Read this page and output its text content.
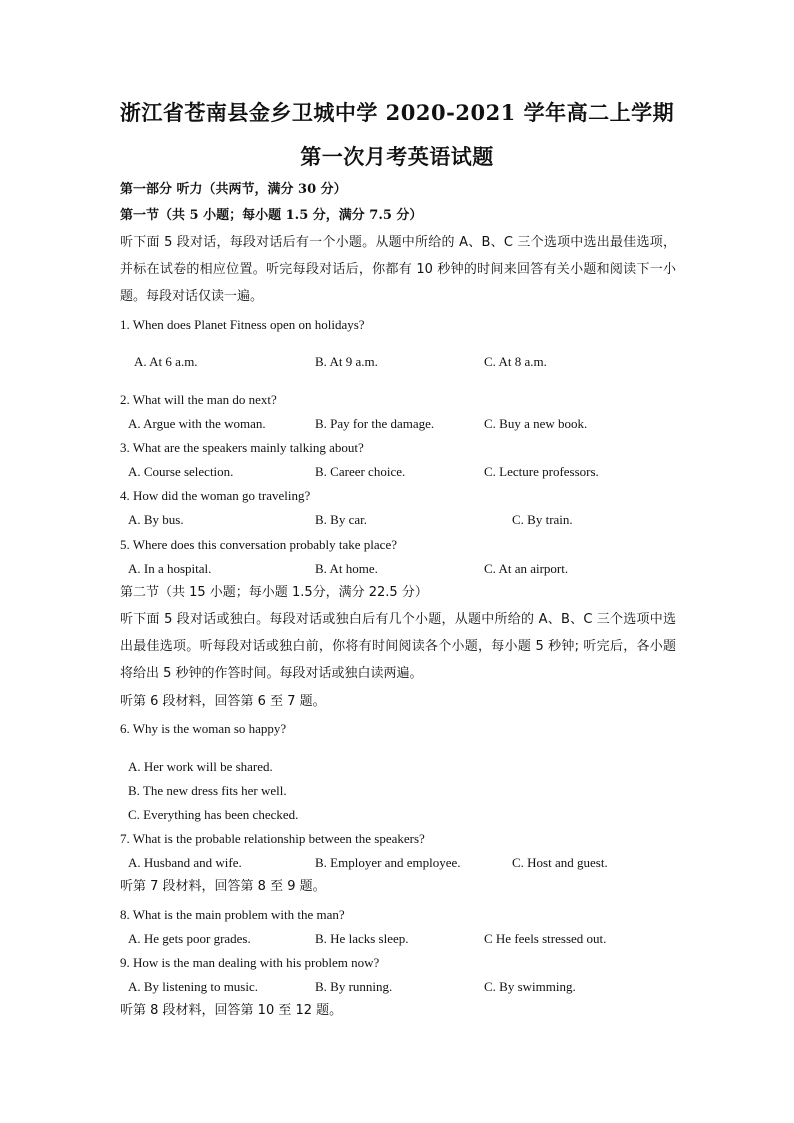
浙江省苍南县金乡卫城中学 2020-2021 学年高二上学期
第一次月考英语试题
第一部分 听力（共两节，满分 30 分）
第一节（共 5 小题；每小题 1.5 分，满分 7.5 分）
听下面 5 段对话，每段对话后有一个小题。从题中所给的 A、B、C 三个选项中选出最佳选项，并标在试卷的相应位置。听完每段对话后，你都有 10 秒钟的时间来回答有关小题和阅读下一小题。每段对话仅读一遍。
1. When does Planet Fitness open on holidays?
A. At 6 a.m.	B. At 9 a.m.	C. At 8 a.m.
2. What will the man do next?
A. Argue with the woman.	B. Pay for the damage.	C. Buy a new book.
3. What are the speakers mainly talking about?
A. Course selection.	B. Career choice.	C. Lecture professors.
4. How did the woman go traveling?
A. By bus.	B. By car.	C. By train.
5. Where does this conversation probably take place?
A. In a hospital.	B. At home.	C. At an airport.
第二节（共 15 小题；每小题 1.5分，满分 22.5 分）
听下面 5 段对话或独白。每段对话或独白后有几个小题，从题中所给的 A、B、C 三个选项中选出最佳选项。听每段对话或独白前，你将有时间阅读各个小题，每小题 5 秒钟; 听完后，各小题将给出 5 秒钟的作答时间。每段对话或独白读两遍。
听第 6 段材料，回答第 6 至 7 题。
6. Why is the woman so happy?
A. Her work will be shared.
B. The new dress fits her well.
C. Everything has been checked.
7. What is the probable relationship between the speakers?
A. Husband and wife.	B. Employer and employee.	C. Host and guest.
听第 7 段材料，回答第 8 至 9 题。
8. What is the main problem with the man?
A. He gets poor grades.	B. He lacks sleep.	C He feels stressed out.
9. How is the man dealing with his problem now?
A. By listening to music.	B. By running.	C. By swimming.
听第 8 段材料，回答第 10 至 12 题。
